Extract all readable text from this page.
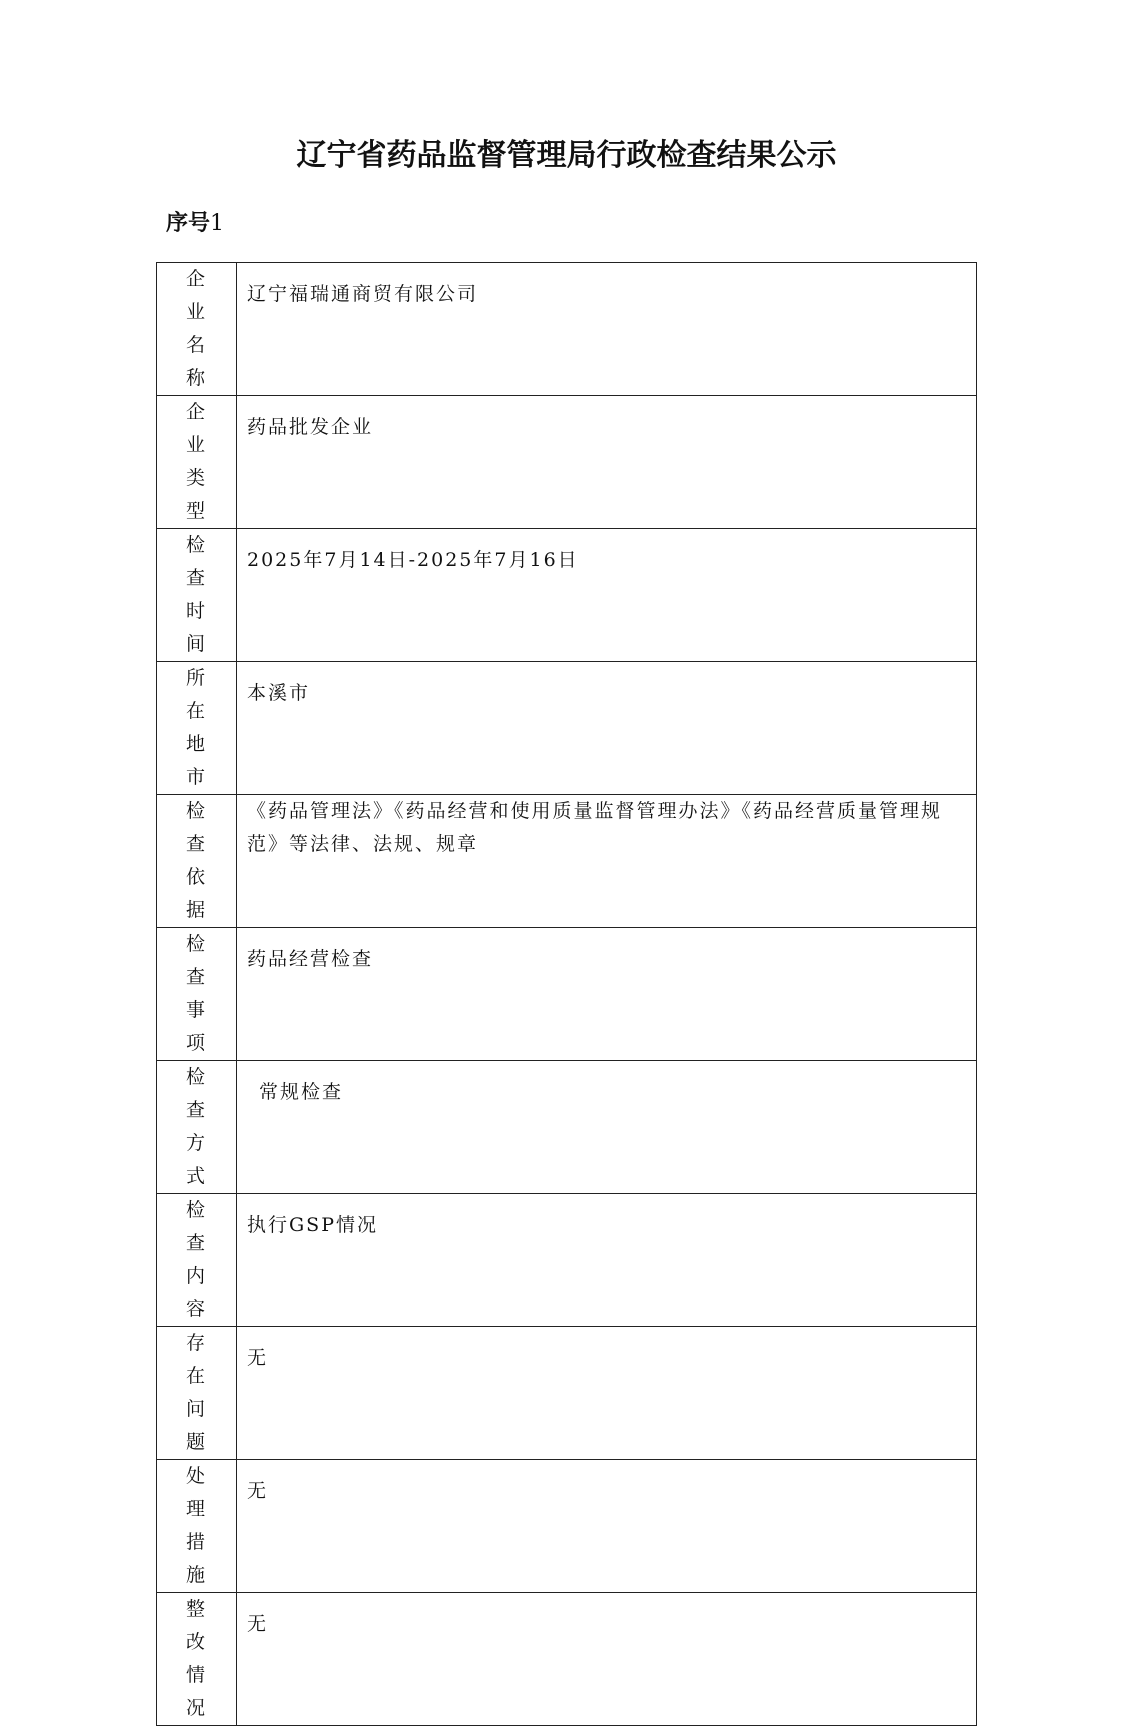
辽宁省药品监督管理局行政检查结果公示
序号1
企业名称	辽宁福瑞通商贸有限公司

企业类型	药品批发企业

检查时间	2025年7月14日-2025年7月16日

所在地市	本溪市

检查依据	《药品管理法》《药品经营和使用质量监督管理办法》《药品经营质量管理规范》等法律、法规、规章

检查事项	药品经营检查

检查方式	常规检查

检查内容	执行GSP情况

存在问题	无

处理措施	无

整改情况	无
